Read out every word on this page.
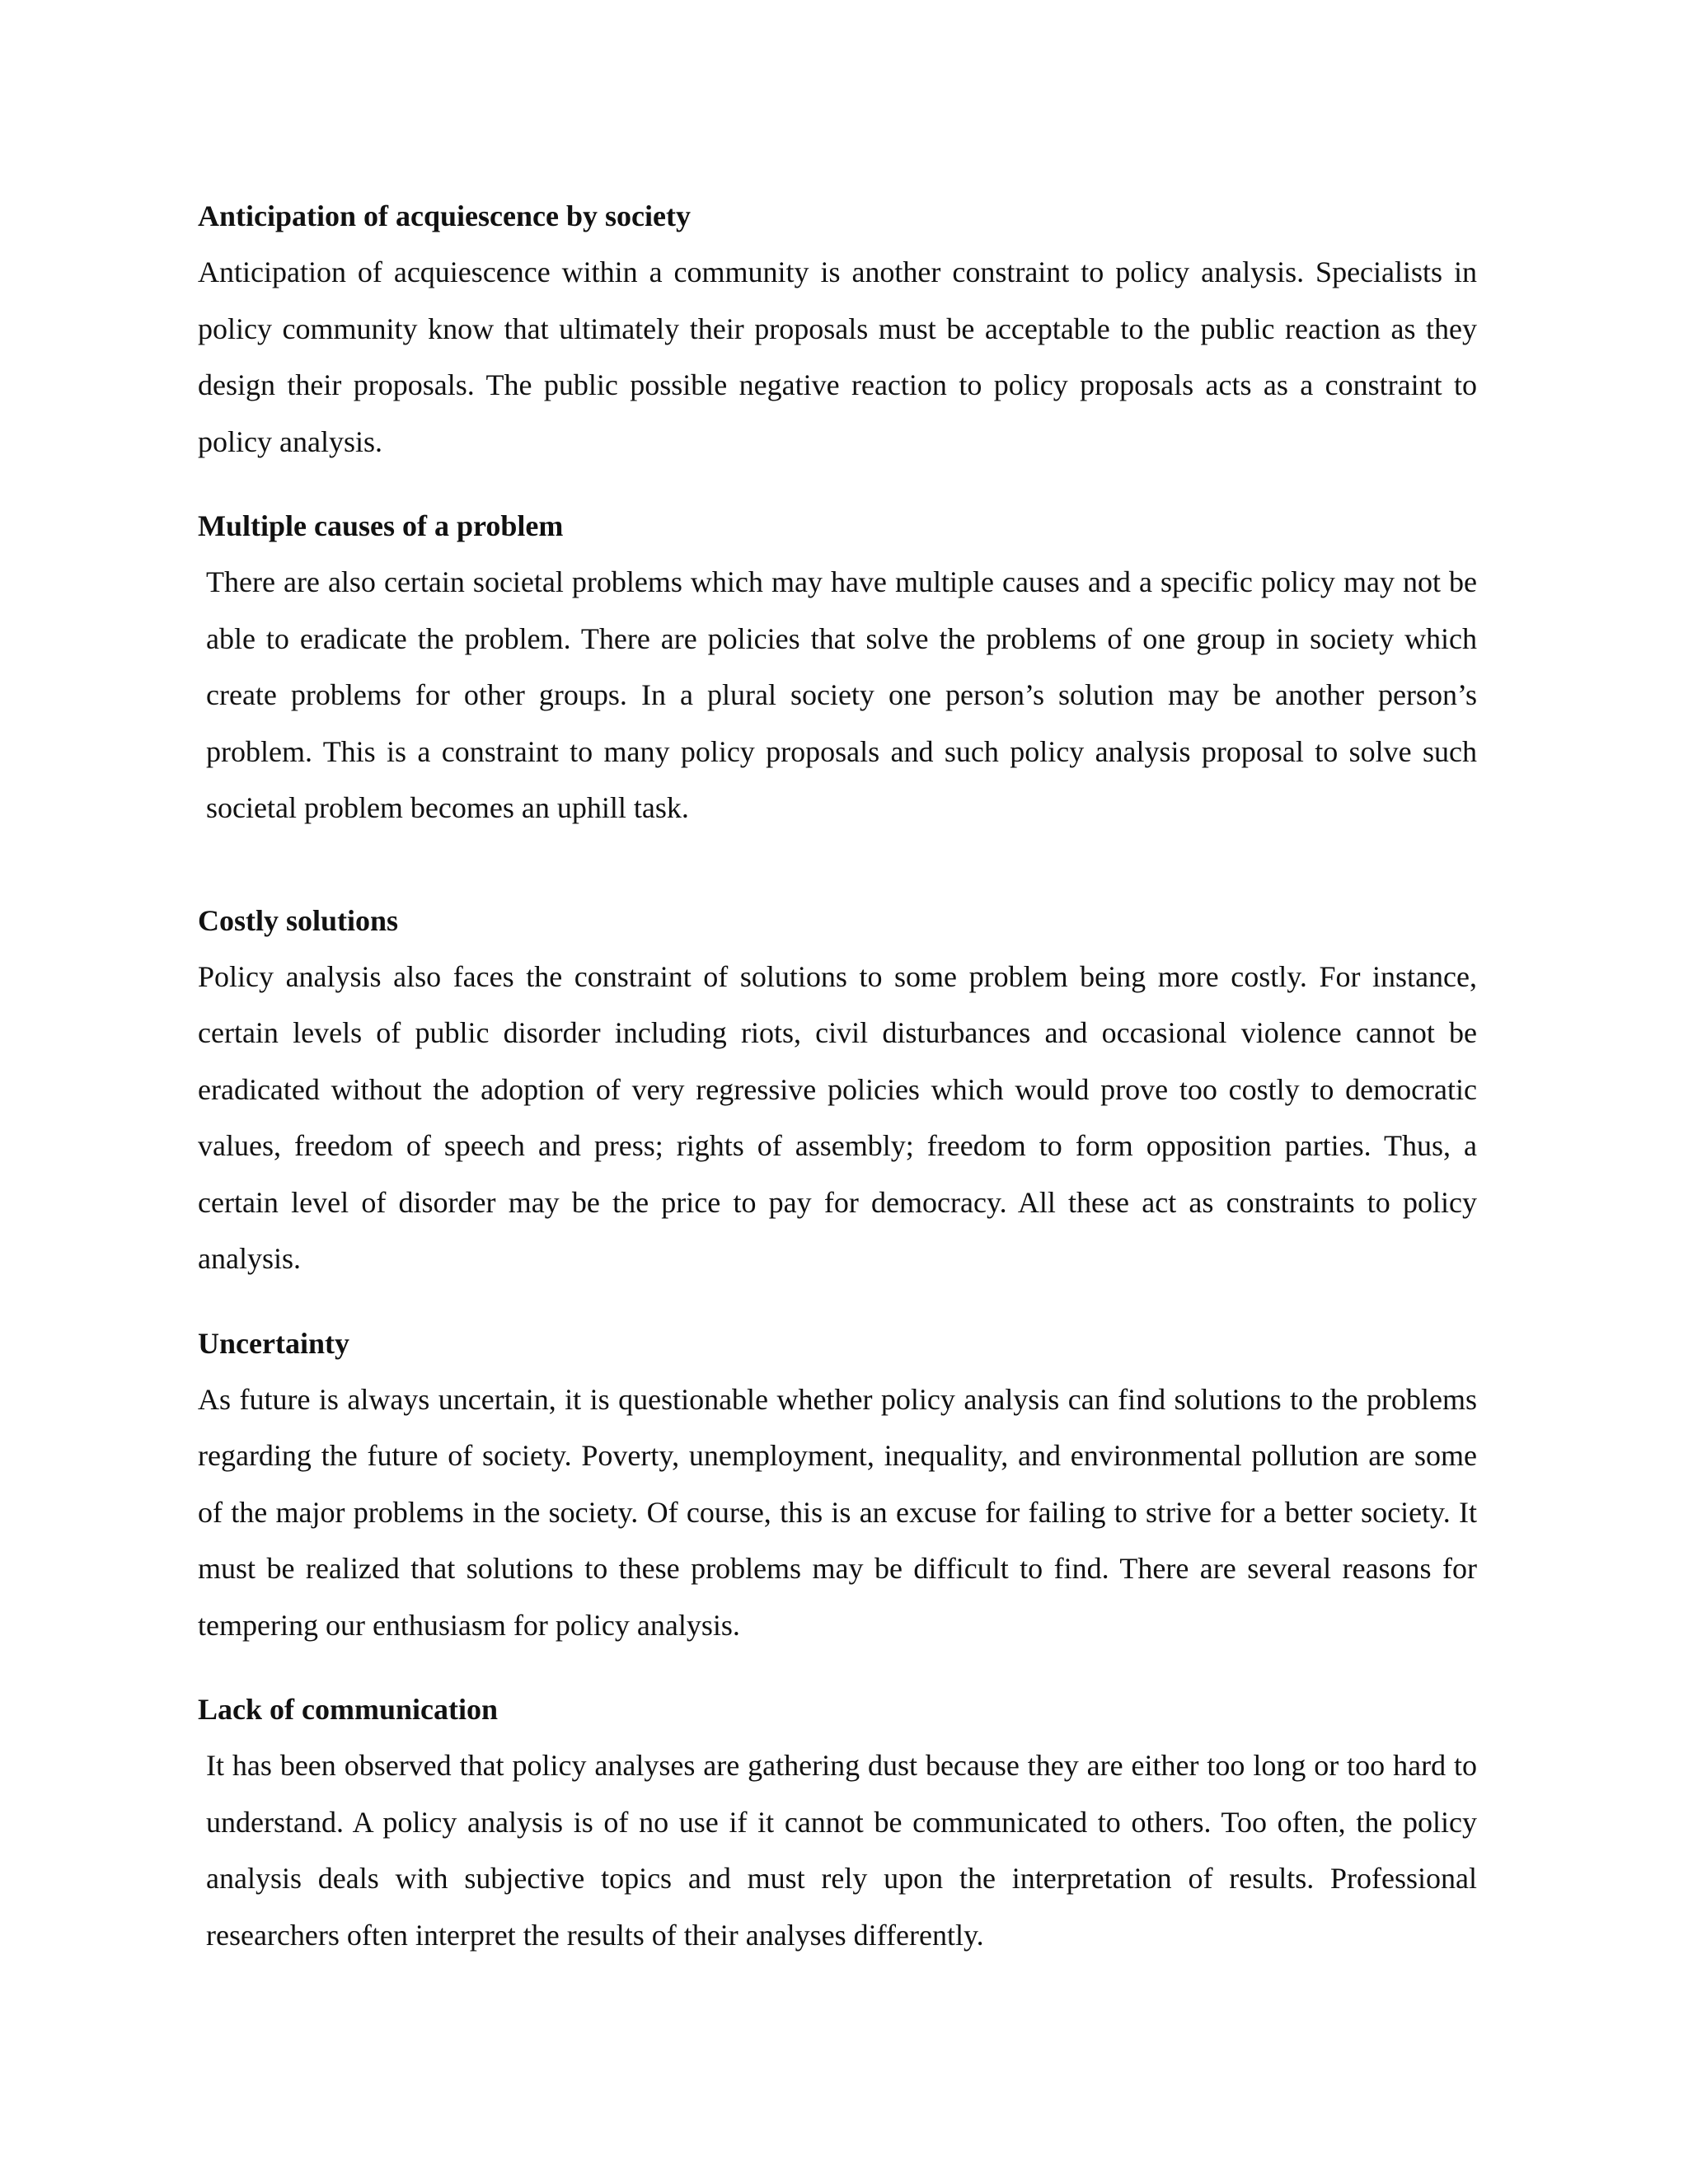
Anticipation of acquiescence by society

Anticipation of acquiescence within a community is another constraint to policy analysis. Specialists in policy community know that ultimately their proposals must be acceptable to the public reaction as they design their proposals. The public possible negative reaction to policy proposals acts as a constraint to policy analysis.

Multiple causes of a problem

There are also certain societal problems which may have multiple causes and a specific policy may not be able to eradicate the problem. There are policies that solve the problems of one group in society which create problems for other groups. In a plural society one person’s solution may be another person’s problem. This is a constraint to many policy proposals and such policy analysis proposal to solve such societal problem becomes an uphill task.

Costly solutions

Policy analysis also faces the constraint of solutions to some problem being more costly. For instance, certain levels of public disorder including riots, civil disturbances and occasional violence cannot be eradicated without the adoption of very regressive policies which would prove too costly to democratic values, freedom of speech and press; rights of assembly; freedom to form opposition parties. Thus, a certain level of disorder may be the price to pay for democracy. All these act as constraints to policy analysis.

Uncertainty

As future is always uncertain, it is questionable whether policy analysis can find solutions to the problems regarding the future of society. Poverty, unemployment, inequality, and environmental pollution are some of the major problems in the society. Of course, this is an excuse for failing to strive for a better society. It must be realized that solutions to these problems may be difficult to find. There are several reasons for tempering our enthusiasm for policy analysis.

Lack of communication

It has been observed that policy analyses are gathering dust because they are either too long or too hard to understand. A policy analysis is of no use if it cannot be communicated to others. Too often, the policy analysis deals with subjective topics and must rely upon the interpretation of results. Professional researchers often interpret the results of their analyses differently.
